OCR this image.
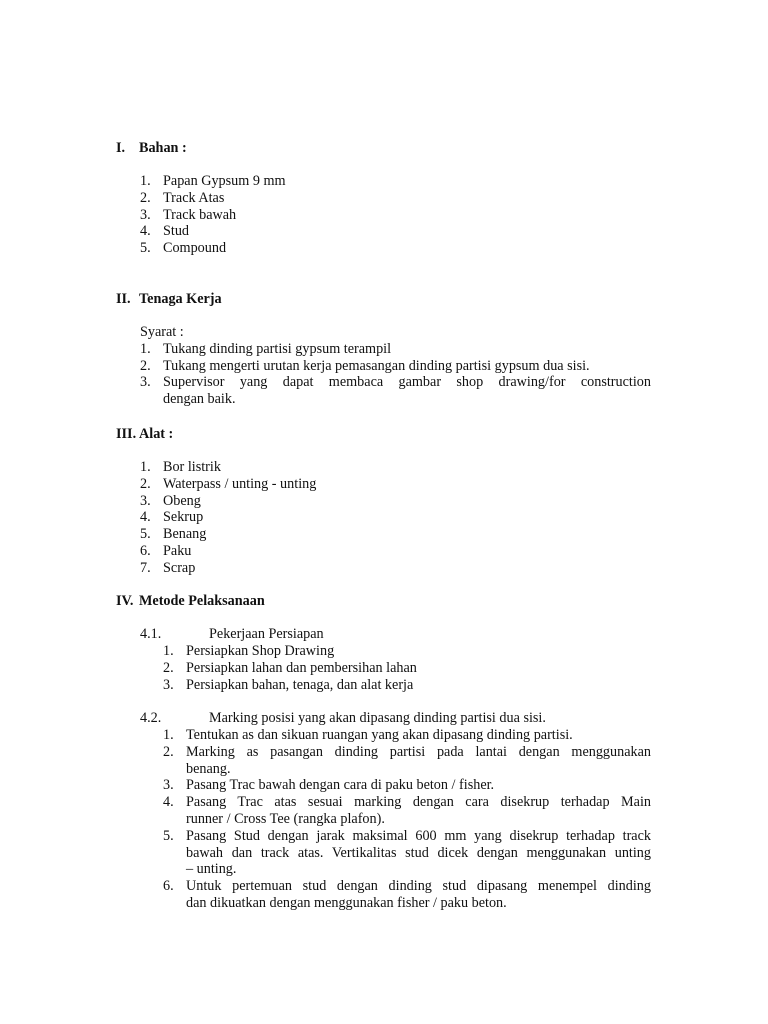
I. Bahan :
1. Papan Gypsum 9 mm
2. Track Atas
3. Track bawah
4. Stud
5. Compound
II. Tenaga Kerja
Syarat :
1. Tukang dinding partisi gypsum terampil
2. Tukang mengerti urutan kerja pemasangan dinding partisi gypsum dua sisi.
3. Supervisor yang dapat membaca gambar shop drawing/for construction
dengan baik.
III. Alat :
1. Bor listrik
2. Waterpass / unting - unting
3. Obeng
4. Sekrup
5. Benang
6. Paku
7. Scrap
IV. Metode Pelaksanaan
4.1.	Pekerjaan Persiapan
1. Persiapkan Shop Drawing
2. Persiapkan lahan dan pembersihan lahan
3. Persiapkan bahan, tenaga, dan alat kerja
4.2.	Marking posisi yang akan dipasang dinding partisi dua sisi.
1. Tentukan as dan sikuan ruangan yang akan dipasang dinding partisi.
2. Marking as pasangan dinding partisi pada lantai dengan menggunakan
benang.
3. Pasang Trac bawah dengan cara di paku beton / fisher.
4. Pasang Trac atas sesuai marking dengan cara disekrup terhadap Main
runner / Cross Tee (rangka plafon).
5. Pasang Stud dengan jarak maksimal 600 mm yang disekrup terhadap track
bawah dan track atas. Vertikalitas stud dicek dengan menggunakan unting
– unting.
6. Untuk pertemuan stud dengan dinding stud dipasang menempel dinding
dan dikuatkan dengan menggunakan fisher / paku beton.
